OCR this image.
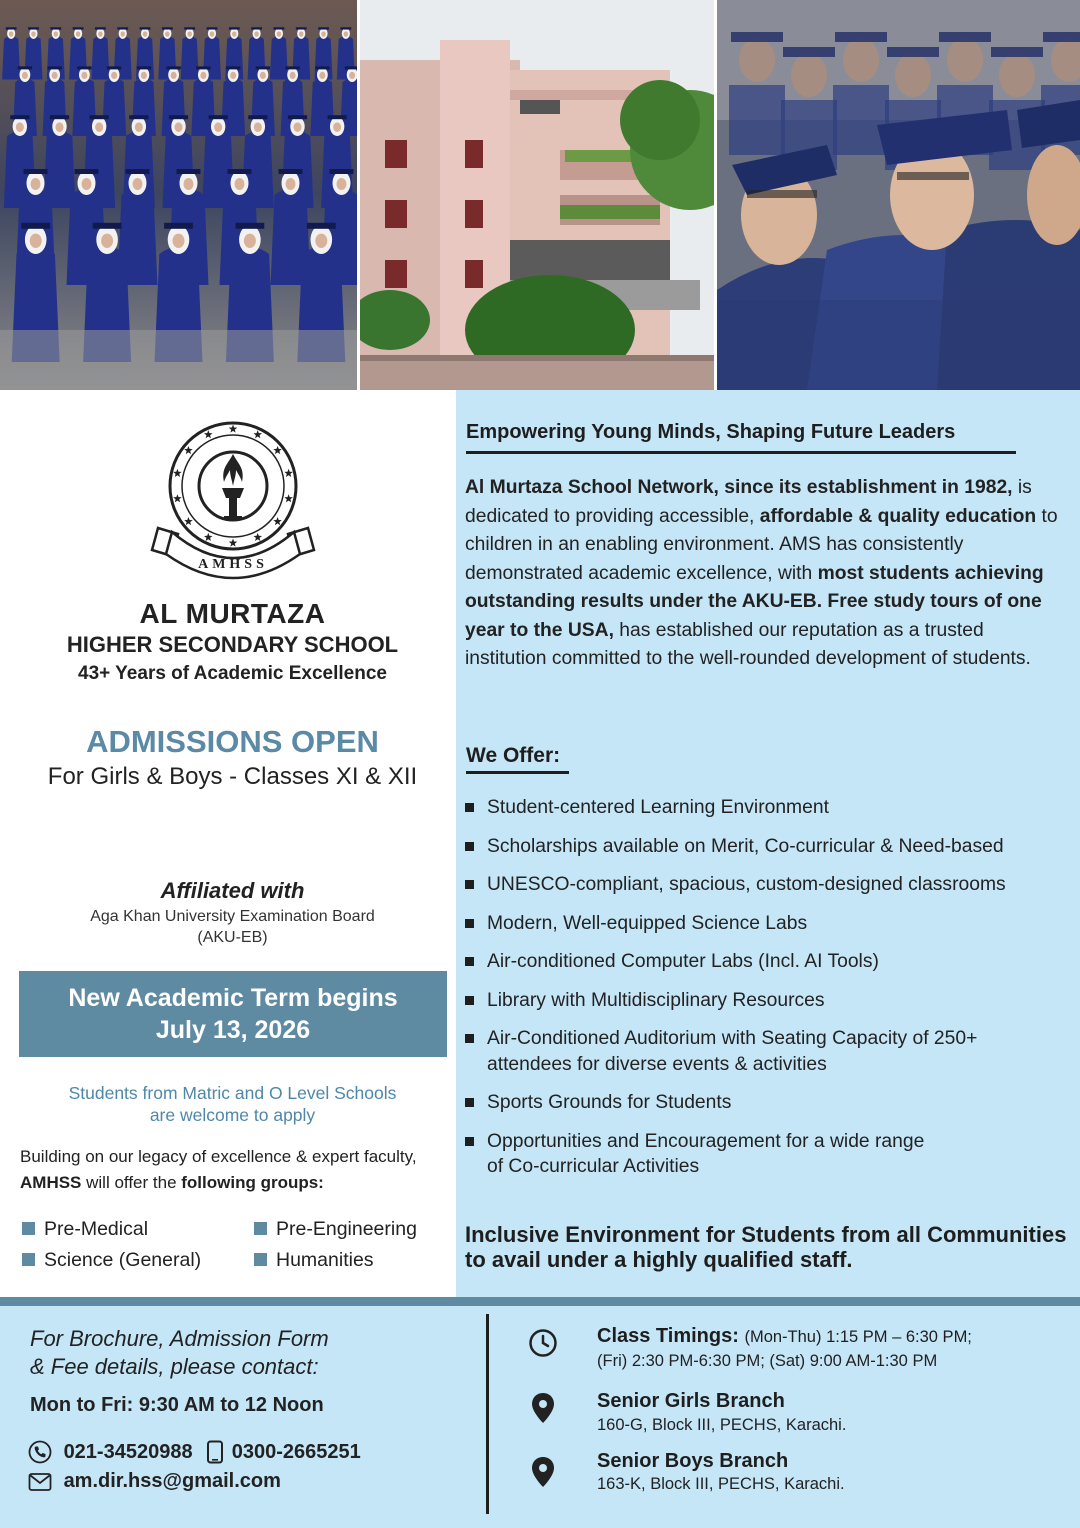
AMHSS
AL MURTAZA
HIGHER SECONDARY SCHOOL
43+ Years of Academic Excellence
ADMISSIONS OPEN
For Girls & Boys - Classes XI & XII
Affiliated with
Aga Khan University Examination Board
(AKU-EB)
New Academic Term begins
July 13, 2026
Students from Matric and O Level Schools
are welcome to apply
Building on our legacy of excellence & expert faculty, AMHSS will offer the following groups:
Pre-Medical	Pre-Engineering
Science (General)	Humanities
Empowering Young Minds, Shaping Future Leaders
Al Murtaza School Network, since its establishment in 1982, is dedicated to providing accessible, affordable & quality education to children in an enabling environment. AMS has consistently demonstrated academic excellence, with most students achieving outstanding results under the AKU-EB. Free study tours of one year to the USA, has established our reputation as a trusted institution committed to the well-rounded development of students.
We Offer:
Student-centered Learning Environment
Scholarships available on Merit, Co-curricular & Need-based
UNESCO-compliant, spacious, custom-designed classrooms
Modern, Well-equipped Science Labs
Air-conditioned Computer Labs (Incl. AI Tools)
Library with Multidisciplinary Resources
Air-Conditioned Auditorium with Seating Capacity of 250+ attendees for diverse events & activities
Sports Grounds for Students
Opportunities and Encouragement for a wide range of Co-curricular Activities
Inclusive Environment for Students from all Communities to avail under a highly qualified staff.
For Brochure, Admission Form
& Fee details, please contact:
Mon to Fri: 9:30 AM to 12 Noon
021-34520988 0300-2665251
am.dir.hss@gmail.com
Class Timings: (Mon-Thu) 1:15 PM – 6:30 PM;
(Fri) 2:30 PM-6:30 PM; (Sat) 9:00 AM-1:30 PM
Senior Girls Branch
160-G, Block III, PECHS, Karachi.
Senior Boys Branch
163-K, Block III, PECHS, Karachi.
